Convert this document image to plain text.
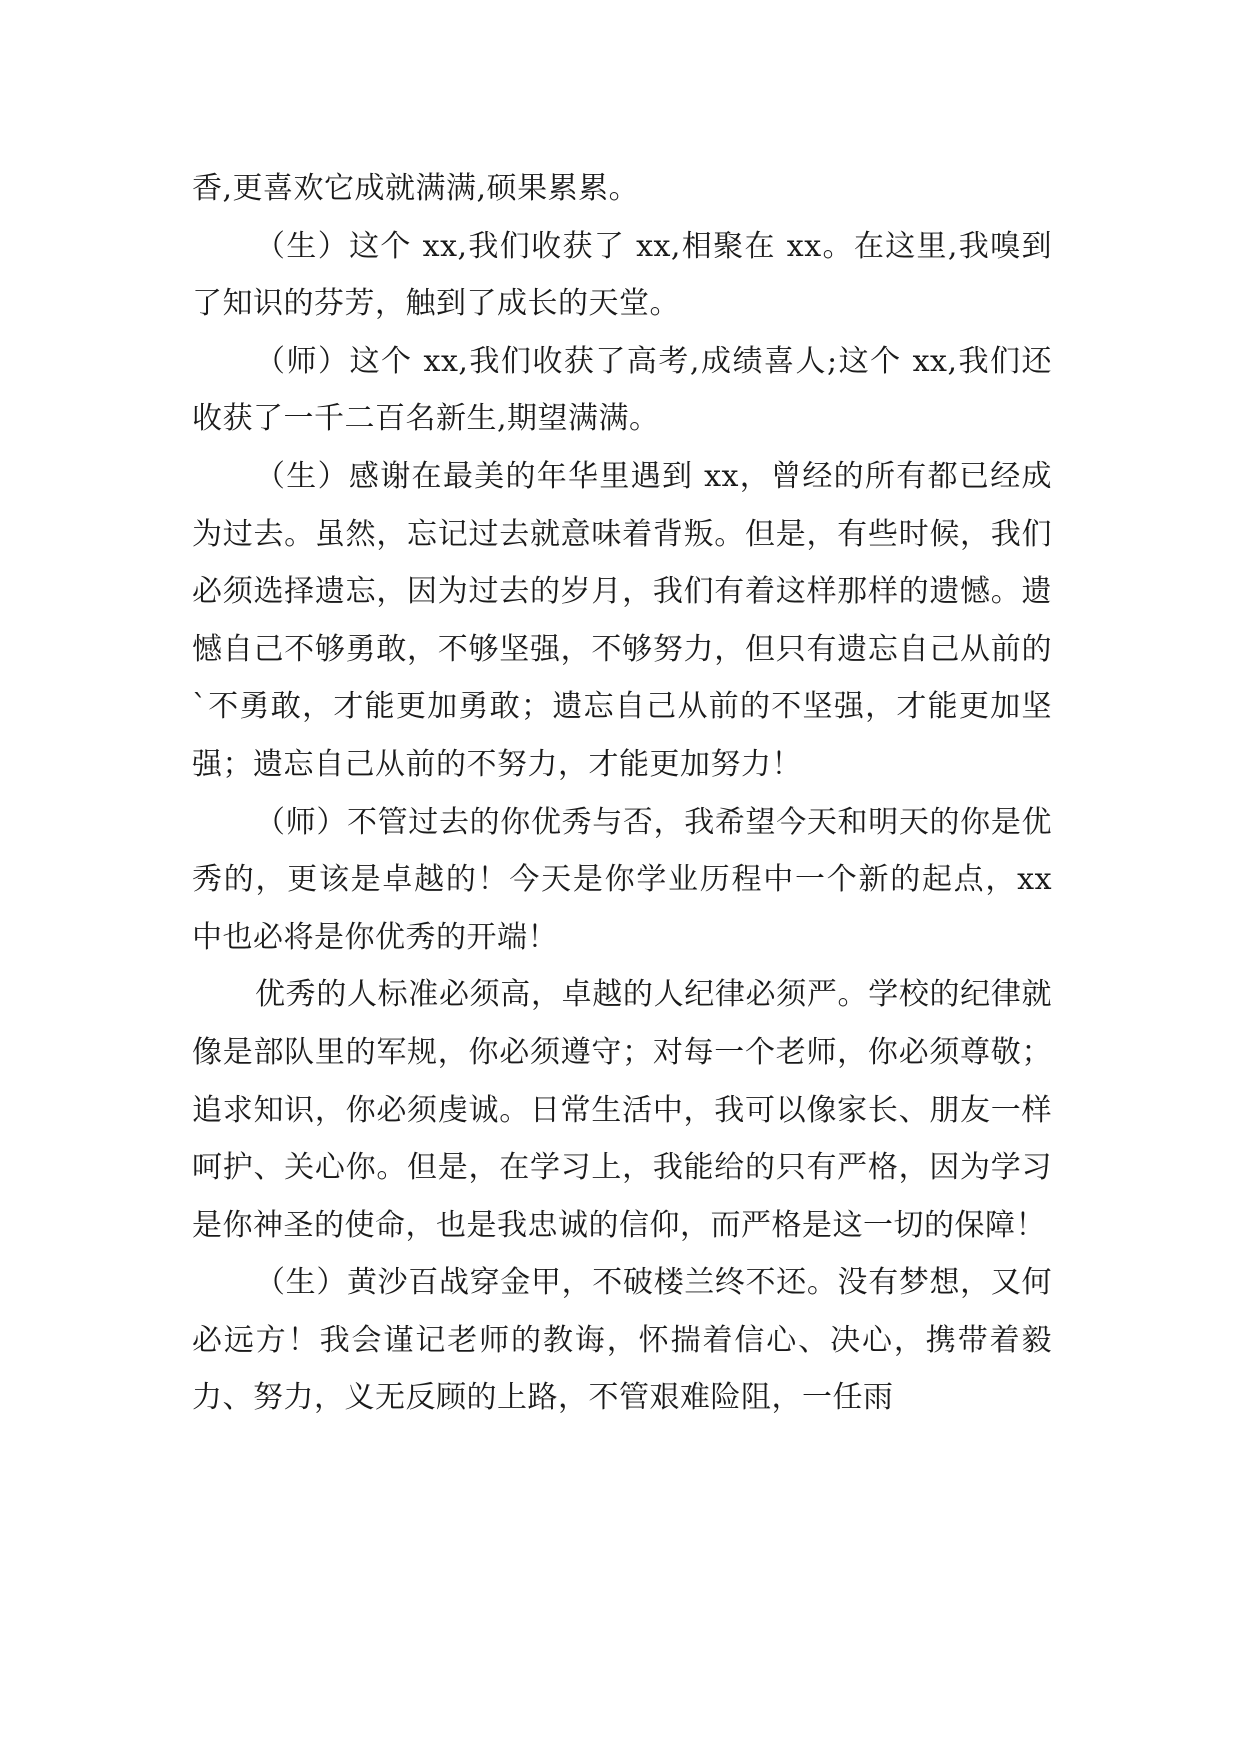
香,更喜欢它成就满满,硕果累累。

（生）这个 xx,我们收获了 xx,相聚在 xx。在这里,我嗅到了知识的芬芳，触到了成长的天堂。

（师）这个 xx,我们收获了高考,成绩喜人;这个 xx,我们还收获了一千二百名新生,期望满满。

（生）感谢在最美的年华里遇到 xx，曾经的所有都已经成为过去。虽然，忘记过去就意味着背叛。但是，有些时候，我们必须选择遗忘，因为过去的岁月，我们有着这样那样的遗憾。遗憾自己不够勇敢，不够坚强，不够努力，但只有遗忘自己从前的`不勇敢，才能更加勇敢；遗忘自己从前的不坚强，才能更加坚强；遗忘自己从前的不努力，才能更加努力！

（师）不管过去的你优秀与否，我希望今天和明天的你是优秀的，更该是卓越的！今天是你学业历程中一个新的起点，xx 中也必将是你优秀的开端！

优秀的人标准必须高，卓越的人纪律必须严。学校的纪律就像是部队里的军规，你必须遵守；对每一个老师，你必须尊敬；追求知识，你必须虔诚。日常生活中，我可以像家长、朋友一样呵护、关心你。但是，在学习上，我能给的只有严格，因为学习是你神圣的使命，也是我忠诚的信仰，而严格是这一切的保障！

（生）黄沙百战穿金甲，不破楼兰终不还。没有梦想，又何必远方！我会谨记老师的教诲，怀揣着信心、决心，携带着毅力、努力，义无反顾的上路，不管艰难险阻，一任雨
